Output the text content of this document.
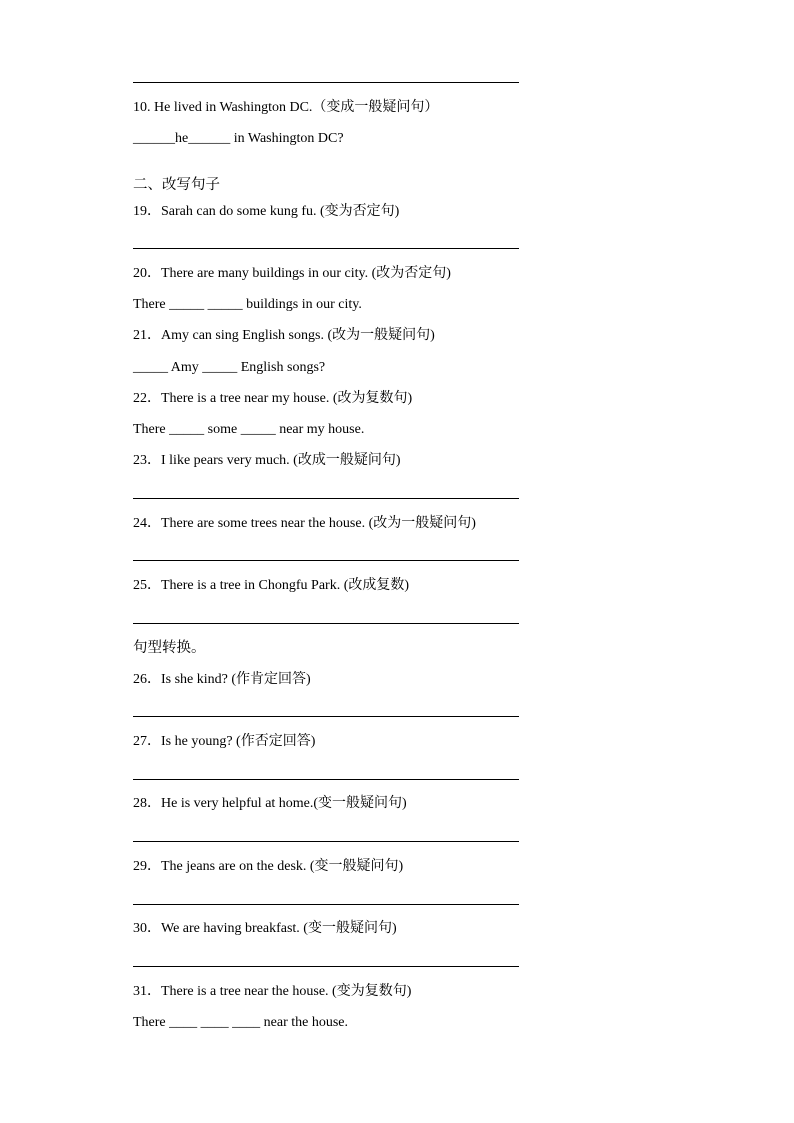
10. He lived in Washington DC.（变成一般疑问句）
______he______ in Washington DC?
二、改写句子
19．Sarah can do some kung fu. (变为否定句)
20．There are many buildings in our city. (改为否定句)
There _____ _____ buildings in our city.
21．Amy can sing English songs. (改为一般疑问句)
_____ Amy _____ English songs?
22．There is a tree near my house. (改为复数句)
There _____ some _____ near my house.
23．I like pears very much. (改成一般疑问句)
24．There are some trees near the house. (改为一般疑问句)
25．There is a tree in Chongfu Park. (改成复数)
句型转换。
26．Is she kind? (作肯定回答)
27．Is he young? (作否定回答)
28．He is very helpful at home.(变一般疑问句)
29．The jeans are on the desk. (变一般疑问句)
30．We are having breakfast. (变一般疑问句)
31．There is a tree near the house. (变为复数句)
There ____ ____ ____ near the house.
